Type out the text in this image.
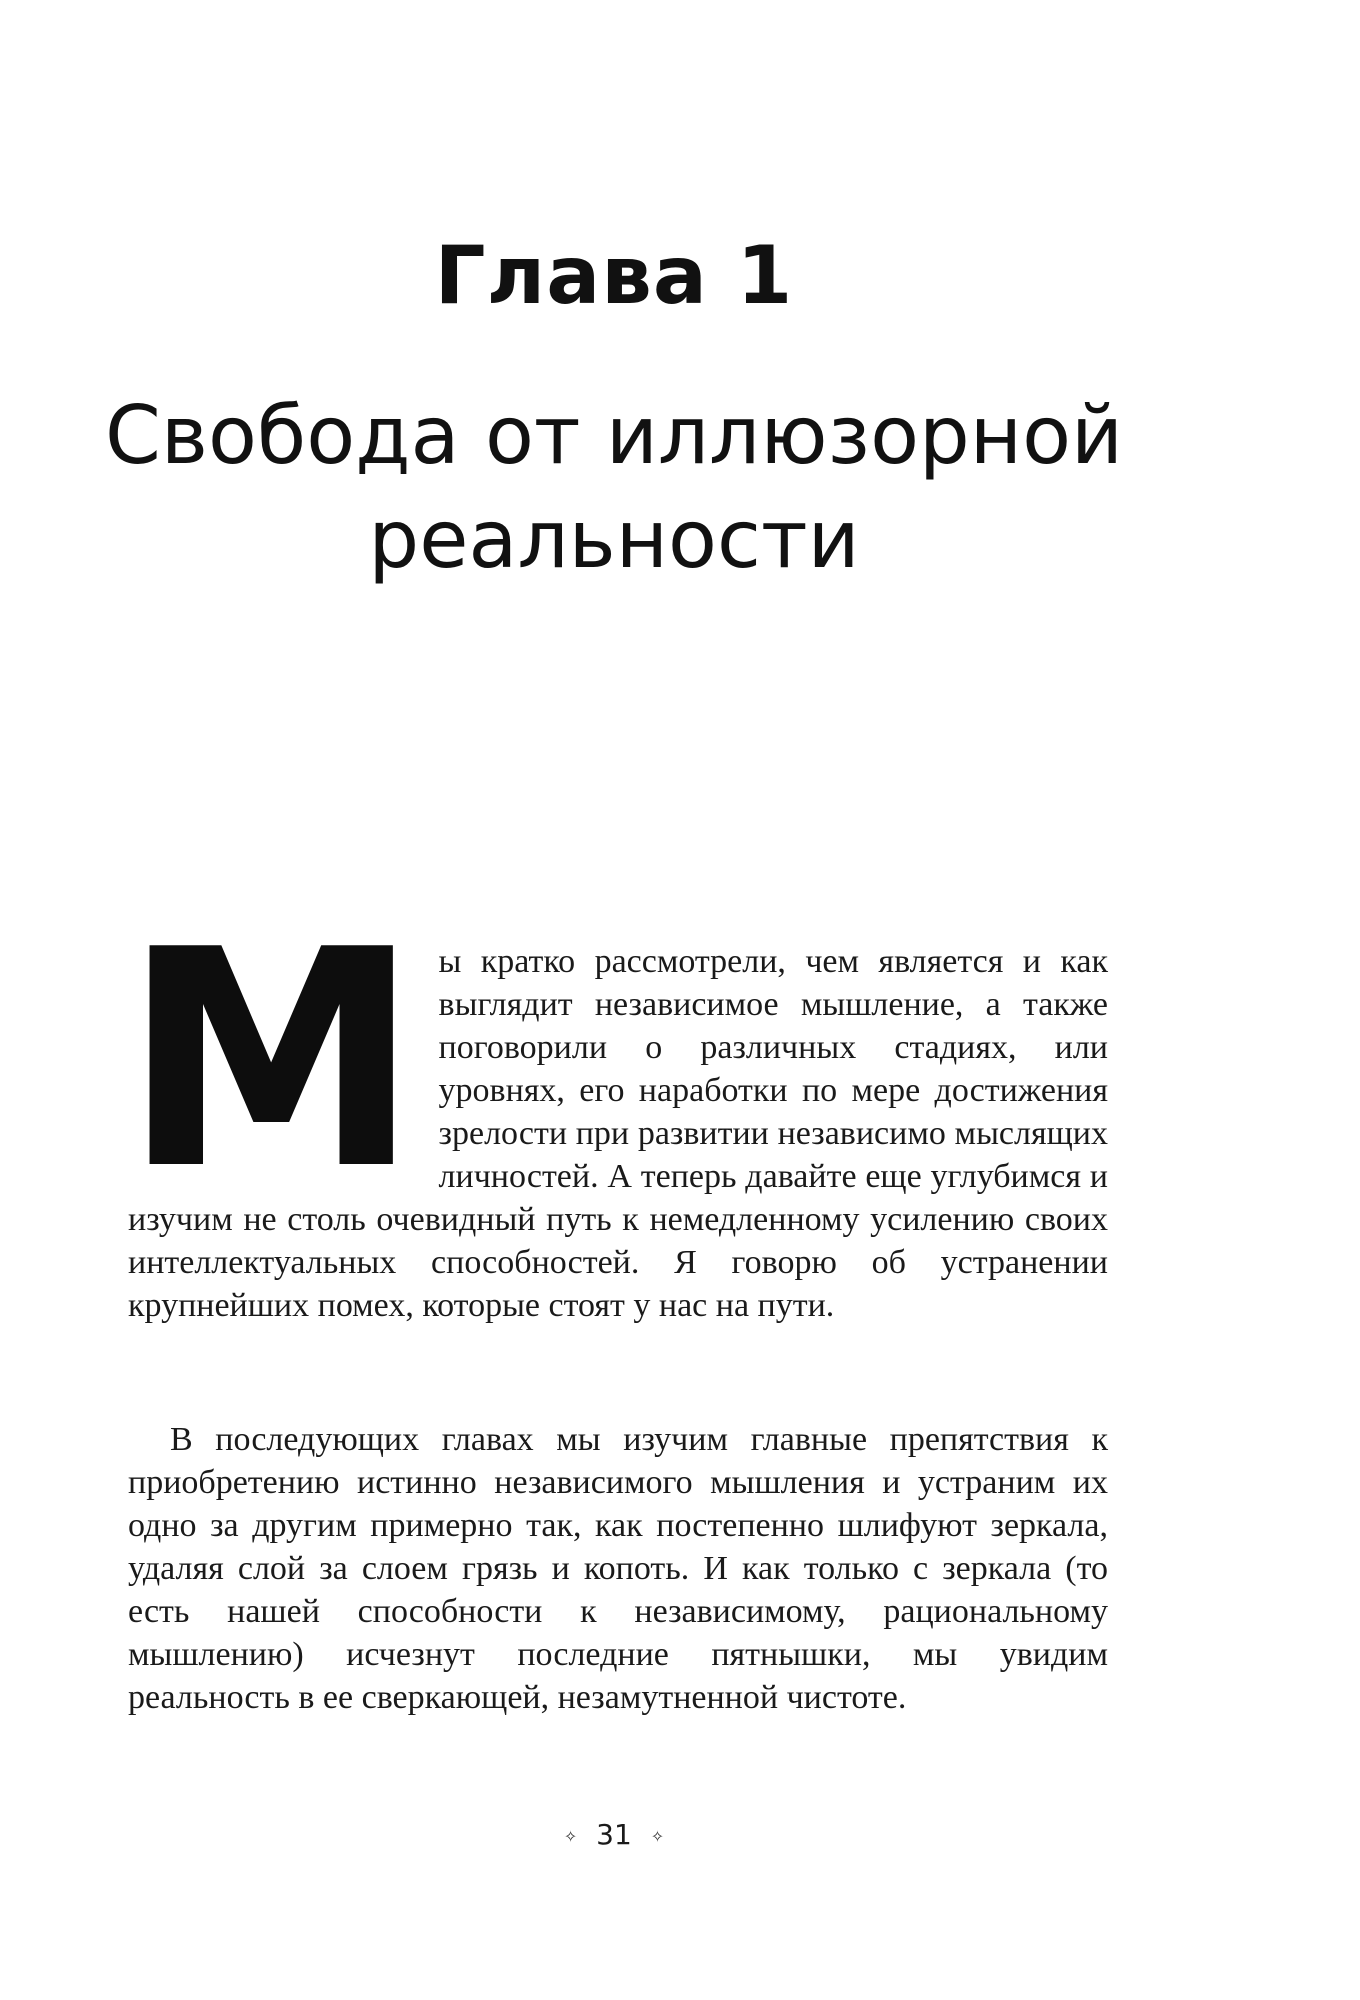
Глава 1
Свобода от иллюзорной реальности
М ы кратко рассмотрели, чем является и как выглядит независимое мышление, а также поговорили о различных стадиях, или уровнях, его наработки по мере достижения зрелости при развитии независимо мыслящих личностей. А теперь давайте еще углубимся и изучим не столь очевидный путь к немедленному усилению своих интеллектуальных способностей. Я говорю об устранении крупнейших помех, которые стоят у нас на пути.
В последующих главах мы изучим главные препятствия к приобретению истинно независимого мышления и устраним их одно за другим примерно так, как постепенно шлифуют зеркала, удаляя слой за слоем грязь и копоть. И как только с зеркала (то есть нашей способности к независимому, рациональному мышлению) исчезнут последние пятнышки, мы увидим реальность в ее сверкающей, незамутненной чистоте.
✧ 31 ✧
